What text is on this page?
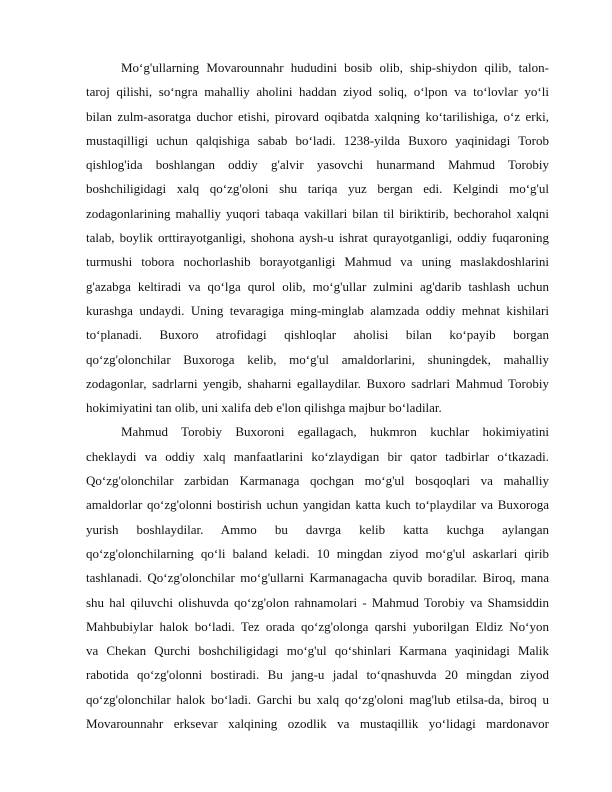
Mo‘g'ullarning Movarounnahr hududini bosib olib, ship-shiydon qilib, talon-
taroj qilishi, so‘ngra mahalliy aholini haddan ziyod soliq, o‘lpon va to‘lovlar yo‘li
bilan zulm-asoratga duchor etishi, pirovard oqibatda xalqning ko‘tarilishiga, o‘z erki,
mustaqilligi uchun qalqishiga sabab bo‘ladi. 1238-yilda Buxoro yaqinidagi Torob
qishlog'ida boshlangan oddiy g'alvir yasovchi hunarmand Mahmud Torobiy
boshchiligidagi xalq qo‘zg'oloni shu tariqa yuz bergan edi. Kelgindi mo‘g'ul
zodagonlarining mahalliy yuqori tabaqa vakillari bilan til biriktirib, bechorahol xalqni
talab, boylik orttirayotganligi, shohona aysh-u ishrat qurayotganligi, oddiy fuqaroning
turmushi tobora nochorlashib borayotganligi Mahmud va uning maslakdoshlarini
g'azabga keltiradi va qo‘lga qurol olib, mo‘g'ullar zulmini ag'darib tashlash uchun
kurashga undaydi. Uning tevaragiga ming-minglab alamzada oddiy mehnat kishilari
to‘planadi. Buxoro atrofidagi qishloqlar aholisi bilan ko‘payib borgan
qo‘zg'olonchilar Buxoroga kelib, mo‘g'ul amaldorlarini, shuningdek, mahalliy
zodagonlar, sadrlarni yengib, shaharni egallaydilar. Buxoro sadrlari Mahmud Torobiy
hokimiyatini tan olib, uni xalifa deb e'lon qilishga majbur bo‘ladilar.
Mahmud Torobiy Buxoroni egallagach, hukmron kuchlar hokimiyatini
cheklaydi va oddiy xalq manfaatlarini ko‘zlaydigan bir qator tadbirlar o‘tkazadi.
Qo‘zg'olonchilar zarbidan Karmanaga qochgan mo‘g'ul bosqoqlari va mahalliy
amaldorlar qo‘zg'olonni bostirish uchun yangidan katta kuch to‘playdilar va Buxoroga
yurish boshlaydilar. Ammo bu davrga kelib katta kuchga aylangan
qo‘zg'olonchilarning qo‘li baland keladi. 10 mingdan ziyod mo‘g'ul askarlari qirib
tashlanadi. Qo‘zg'olonchilar mo‘g'ullarni Karmanagacha quvib boradilar. Biroq, mana
shu hal qiluvchi olishuvda qo‘zg'olon rahnamolari - Mahmud Torobiy va Shamsiddin
Mahbubiylar halok bo‘ladi. Tez orada qo‘zg'olonga qarshi yuborilgan Eldiz No‘yon
va Chekan Qurchi boshchiligidagi mo‘g'ul qo‘shinlari Karmana yaqinidagi Malik
rabotida qo‘zg'olonni bostiradi. Bu jang-u jadal to‘qnashuvda 20 mingdan ziyod
qo‘zg'olonchilar halok bo‘ladi. Garchi bu xalq qo‘zg'oloni mag'lub etilsa-da, biroq u
Movarounnahr erksevar xalqining ozodlik va mustaqillik yo‘lidagi mardonavor
